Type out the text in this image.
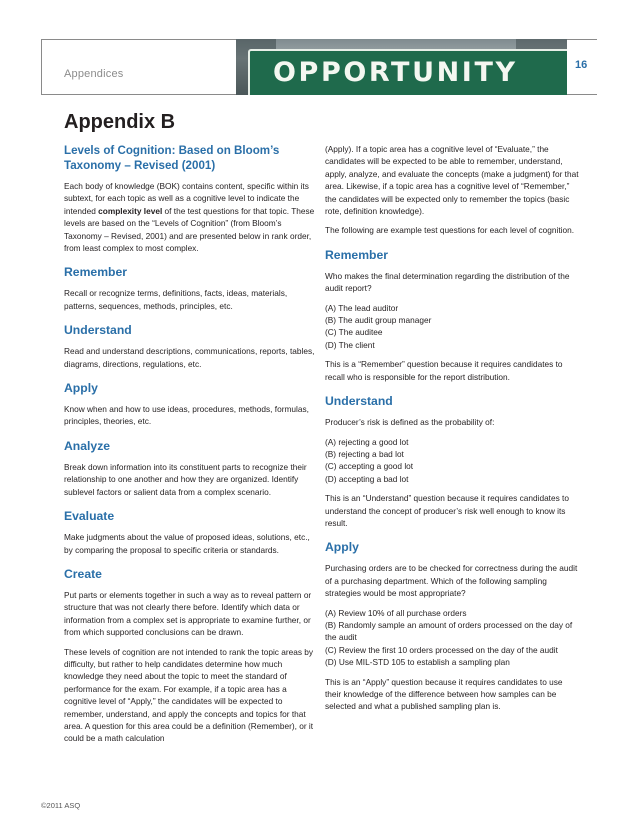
Appendices	OPPORTUNITY	16
Appendix B
Levels of Cognition: Based on Bloom’s
Taxonomy – Revised (2001)

Each body of knowledge (BOK) contains content, specific within its subtext, for each topic as well as a cognitive level to indicate the intended complexity level of the test questions for that topic. These levels are based on the “Levels of Cognition” (from Bloom’s Taxonomy – Revised, 2001) and are presented below in rank order, from least complex to most complex.

Remember

Recall or recognize terms, definitions, facts, ideas, materials, patterns, sequences, methods, principles, etc.

Understand

Read and understand descriptions, communications, reports, tables, diagrams, directions, regulations, etc.

Apply

Know when and how to use ideas, procedures, methods, formulas, principles, theories, etc.

Analyze

Break down information into its constituent parts to recognize their relationship to one another and how they are organized. Identify sublevel factors or salient data from a complex scenario.

Evaluate

Make judgments about the value of proposed ideas, solutions, etc., by comparing the proposal to specific criteria or standards.

Create

Put parts or elements together in such a way as to reveal pattern or structure that was not clearly there before. Identify which data or information from a complex set is appropriate to examine further, or from which supported conclusions can be drawn.

These levels of cognition are not intended to rank the topic areas by difficulty, but rather to help candidates determine how much knowledge they need about the topic to meet the standard of performance for the exam. For example, if a topic area has a cognitive level of “Apply,” the candidates will be expected to remember, understand, and apply the concepts and topics for that area. A question for this area could be a definition (Remember), or it could be a math calculation

(Apply). If a topic area has a cognitive level of “Evaluate,” the candidates will be expected to be able to remember, understand, apply, analyze, and evaluate the concepts (make a judgment) for that area. Likewise, if a topic area has a cognitive level of “Remember,” the candidates will be expected only to remember the topics (basic rote, definition knowledge).

The following are example test questions for each level of cognition.

Remember

Who makes the final determination regarding the distribution of the audit report?

(A) The lead auditor
(B) The audit group manager
(C) The auditee
(D) The client

This is a “Remember” question because it requires candidates to recall who is responsible for the report distribution.

Understand

Producer’s risk is defined as the probability of:

(A) rejecting a good lot
(B) rejecting a bad lot
(C) accepting a good lot
(D) accepting a bad lot

This is an “Understand” question because it requires candidates to understand the concept of producer’s risk well enough to know its result.

Apply

Purchasing orders are to be checked for correctness during the audit of a purchasing department. Which of the following sampling strategies would be most appropriate?

(A) Review 10% of all purchase orders
(B) Randomly sample an amount of orders processed on the day of the audit
(C) Review the first 10 orders processed on the day of the audit
(D) Use MIL-STD 105 to establish a sampling plan

This is an “Apply” question because it requires candidates to use their knowledge of the difference between how samples can be selected and what a published sampling plan is.

©2011 ASQ
